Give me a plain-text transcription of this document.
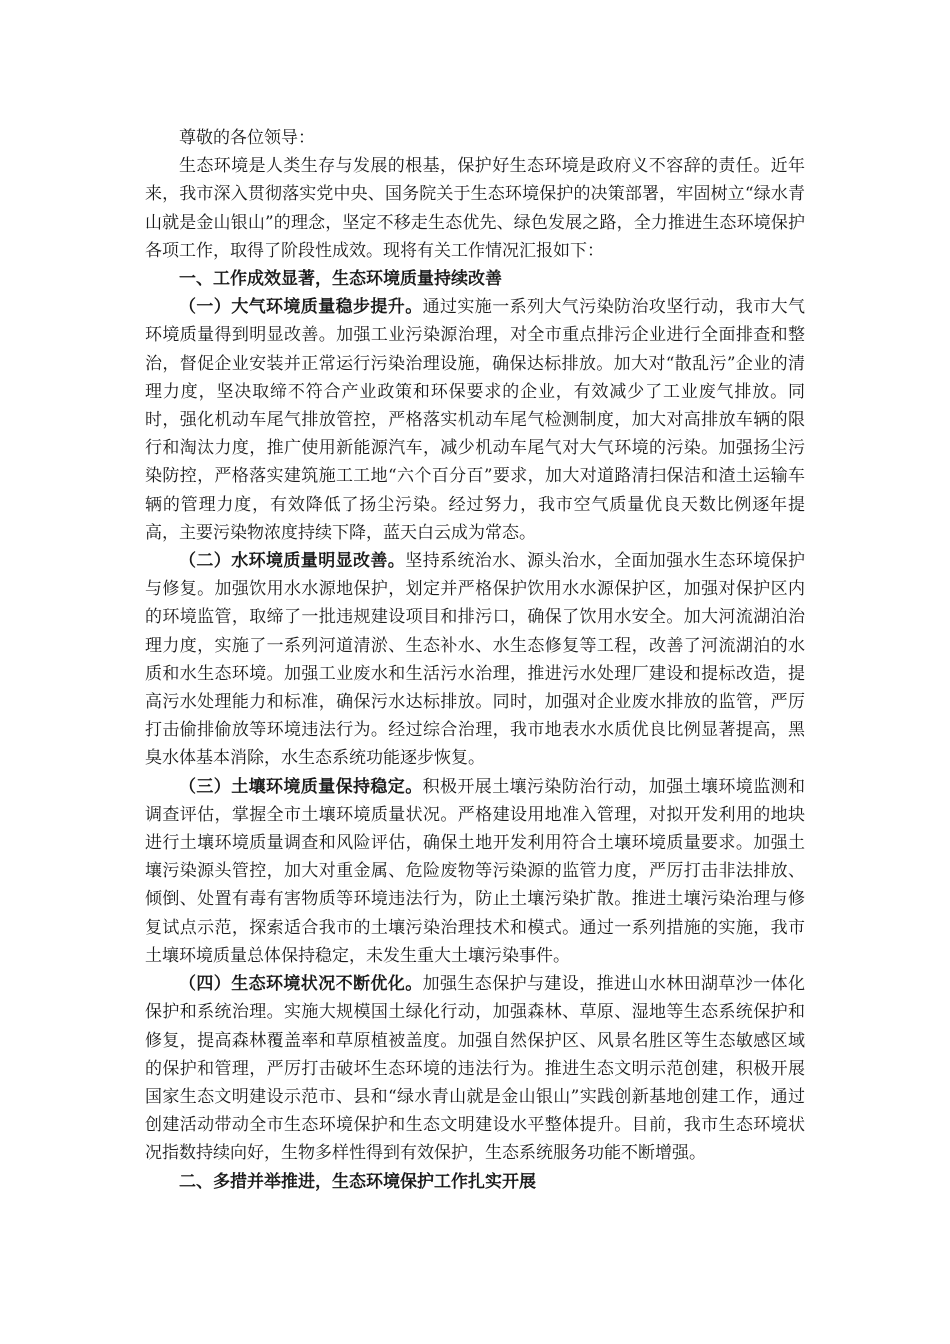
尊敬的各位领导：

生态环境是人类生存与发展的根基，保护好生态环境是政府义不容辞的责任。近年来，我市深入贯彻落实党中央、国务院关于生态环境保护的决策部署，牢固树立“绿水青山就是金山银山”的理念，坚定不移走生态优先、绿色发展之路，全力推进生态环境保护各项工作，取得了阶段性成效。现将有关工作情况汇报如下：

一、工作成效显著，生态环境质量持续改善

（一）大气环境质量稳步提升。通过实施一系列大气污染防治攻坚行动，我市大气环境质量得到明显改善。加强工业污染源治理，对全市重点排污企业进行全面排查和整治，督促企业安装并正常运行污染治理设施，确保达标排放。加大对“散乱污”企业的清理力度，坚决取缔不符合产业政策和环保要求的企业，有效减少了工业废气排放。同时，强化机动车尾气排放管控，严格落实机动车尾气检测制度，加大对高排放车辆的限行和淘汰力度，推广使用新能源汽车，减少机动车尾气对大气环境的污染。加强扬尘污染防控，严格落实建筑施工工地“六个百分百”要求，加大对道路清扫保洁和渣土运输车辆的管理力度，有效降低了扬尘污染。经过努力，我市空气质量优良天数比例逐年提高，主要污染物浓度持续下降，蓝天白云成为常态。

（二）水环境质量明显改善。坚持系统治水、源头治水，全面加强水生态环境保护与修复。加强饮用水水源地保护，划定并严格保护饮用水水源保护区，加强对保护区内的环境监管，取缔了一批违规建设项目和排污口，确保了饮用水安全。加大河流湖泊治理力度，实施了一系列河道清淤、生态补水、水生态修复等工程，改善了河流湖泊的水质和水生态环境。加强工业废水和生活污水治理，推进污水处理厂建设和提标改造，提高污水处理能力和标准，确保污水达标排放。同时，加强对企业废水排放的监管，严厉打击偷排偷放等环境违法行为。经过综合治理，我市地表水水质优良比例显著提高，黑臭水体基本消除，水生态系统功能逐步恢复。

（三）土壤环境质量保持稳定。积极开展土壤污染防治行动，加强土壤环境监测和调查评估，掌握全市土壤环境质量状况。严格建设用地准入管理，对拟开发利用的地块进行土壤环境质量调查和风险评估，确保土地开发利用符合土壤环境质量要求。加强土壤污染源头管控，加大对重金属、危险废物等污染源的监管力度，严厉打击非法排放、倾倒、处置有毒有害物质等环境违法行为，防止土壤污染扩散。推进土壤污染治理与修复试点示范，探索适合我市的土壤污染治理技术和模式。通过一系列措施的实施，我市土壤环境质量总体保持稳定，未发生重大土壤污染事件。

（四）生态环境状况不断优化。加强生态保护与建设，推进山水林田湖草沙一体化保护和系统治理。实施大规模国土绿化行动，加强森林、草原、湿地等生态系统保护和修复，提高森林覆盖率和草原植被盖度。加强自然保护区、风景名胜区等生态敏感区域的保护和管理，严厉打击破坏生态环境的违法行为。推进生态文明示范创建，积极开展国家生态文明建设示范市、县和“绿水青山就是金山银山”实践创新基地创建工作，通过创建活动带动全市生态环境保护和生态文明建设水平整体提升。目前，我市生态环境状况指数持续向好，生物多样性得到有效保护，生态系统服务功能不断增强。

二、多措并举推进，生态环境保护工作扎实开展
